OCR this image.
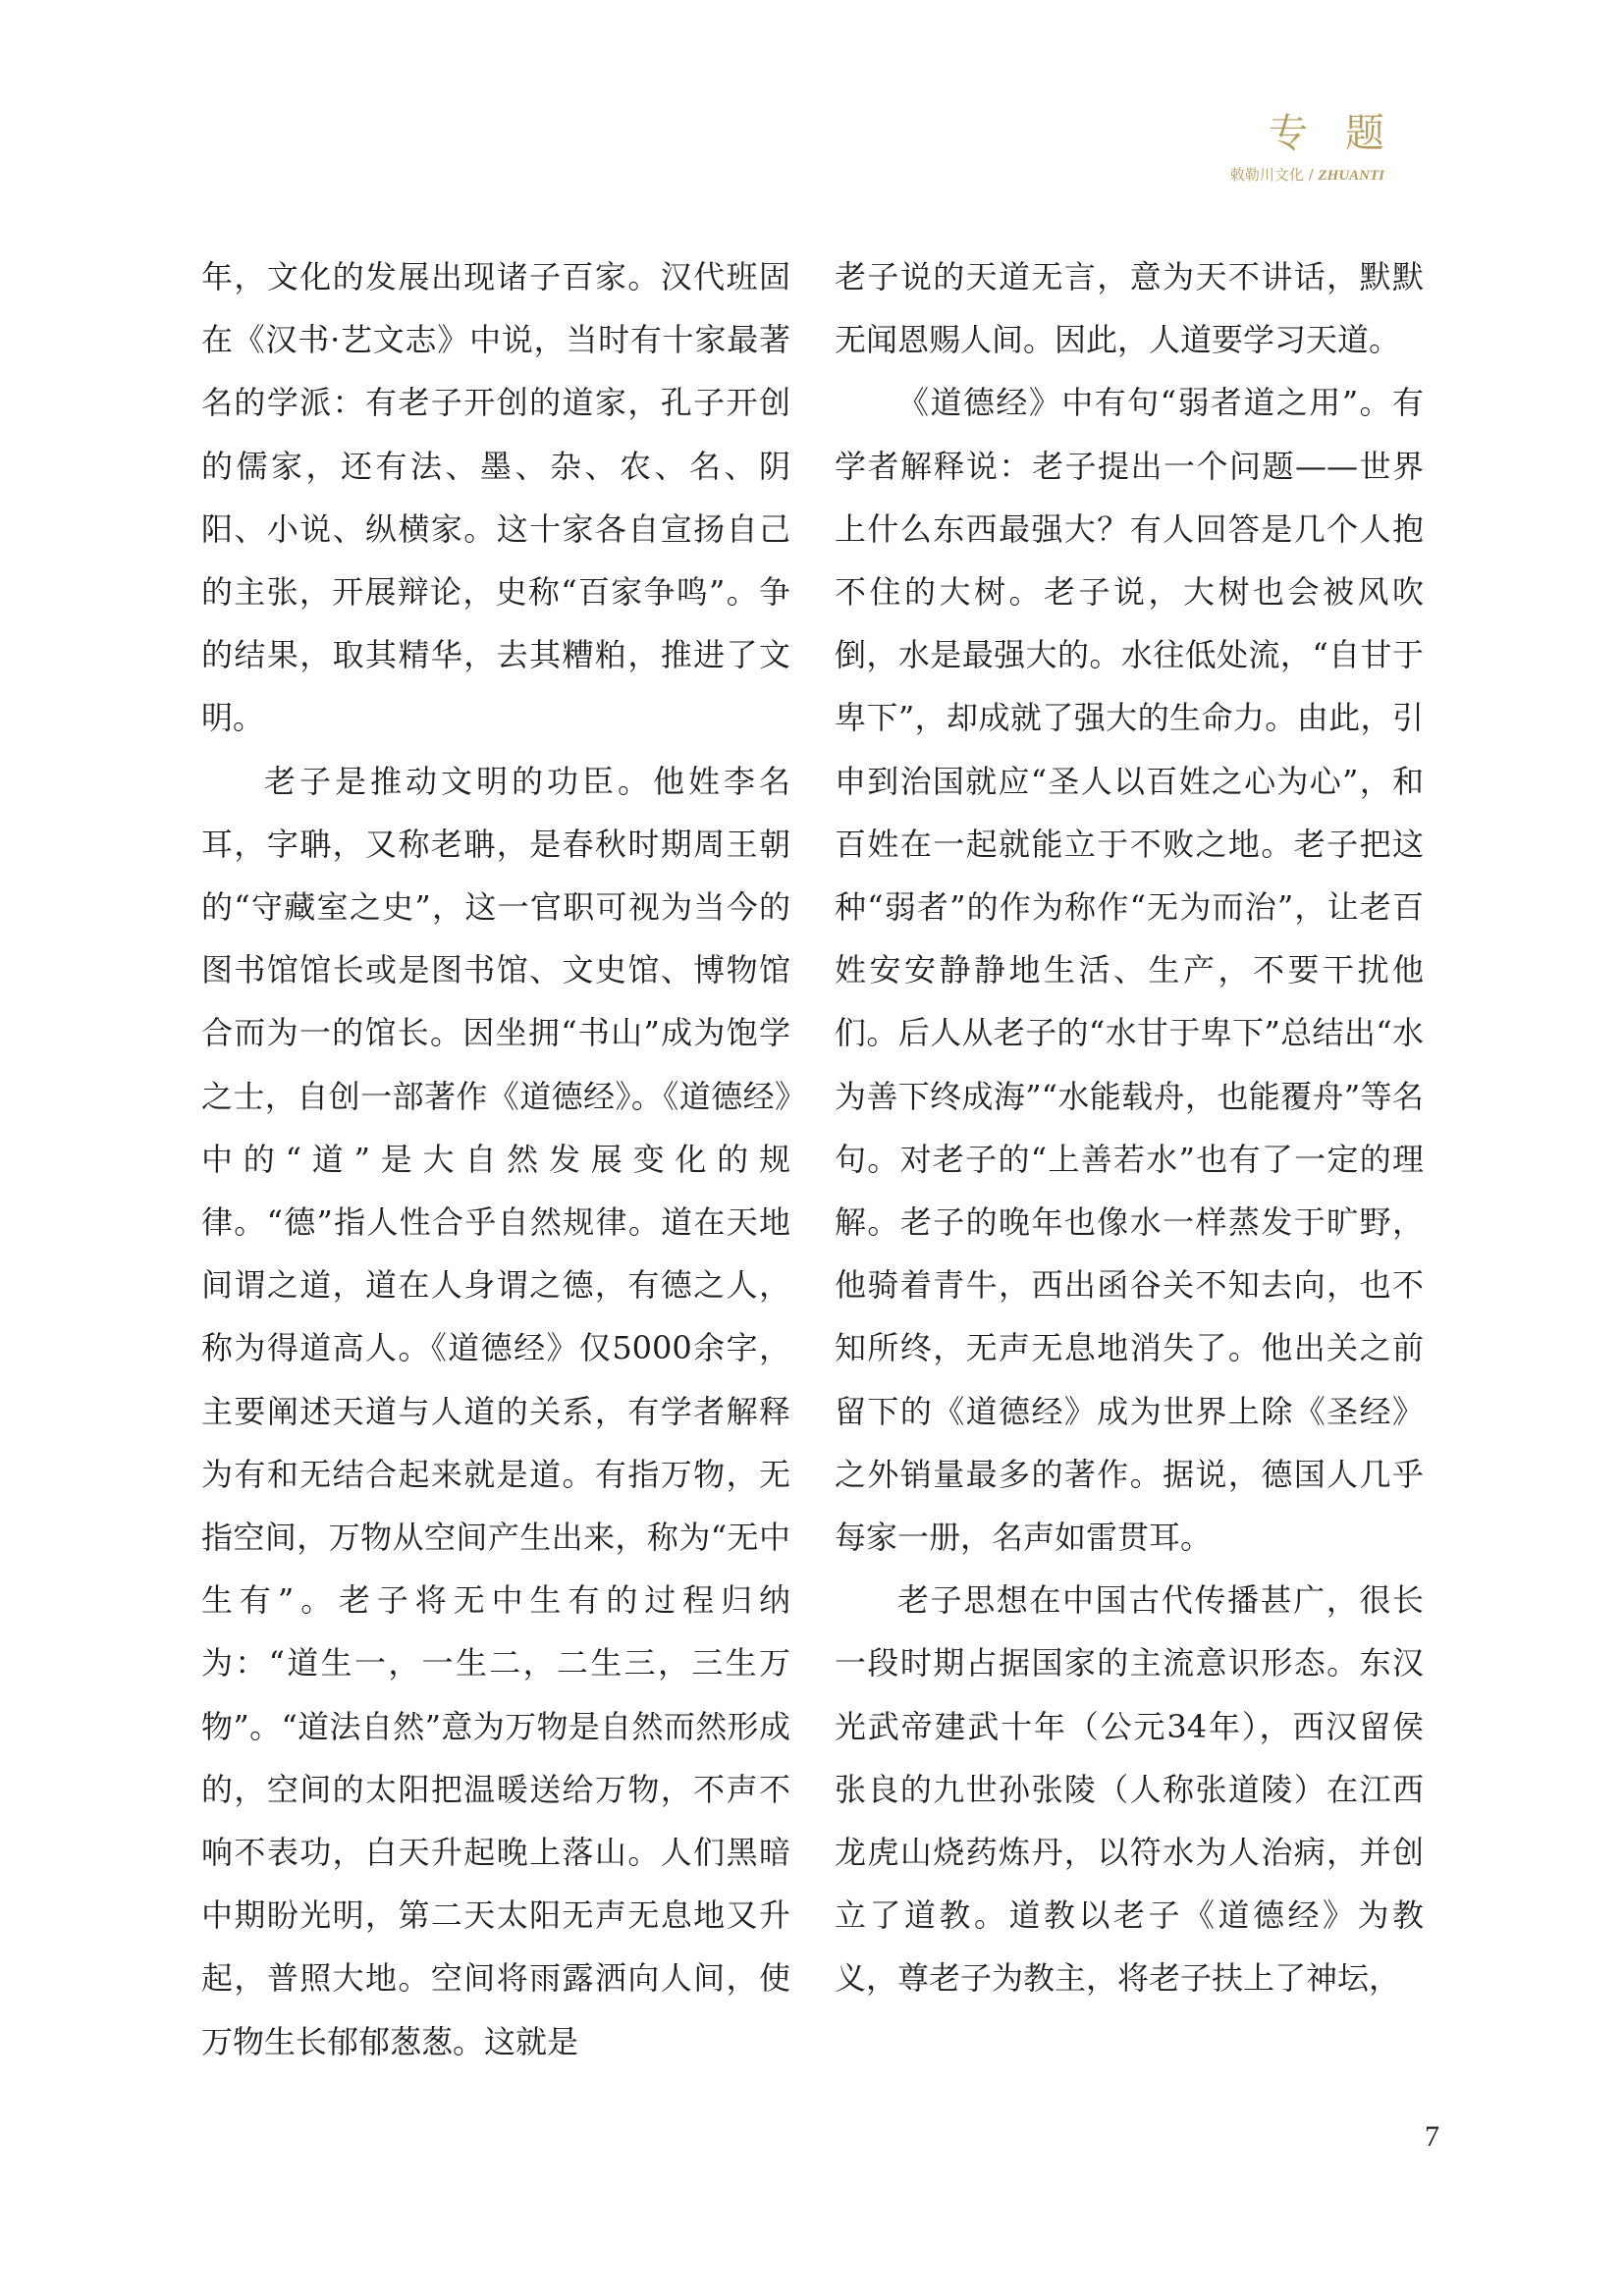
专题
敕勒川文化 / ZHUANTI

年，文化的发展出现诸子百家。汉代班固在《汉书·艺文志》中说，当时有十家最著名的学派：有老子开创的道家，孔子开创的儒家，还有法、墨、杂、农、名、阴阳、小说、纵横家。这十家各自宣扬自己的主张，开展辩论，史称“百家争鸣”。争的结果，取其精华，去其糟粕，推进了文明。

老子是推动文明的功臣。他姓李名耳，字聃，又称老聃，是春秋时期周王朝的“守藏室之史”，这一官职可视为当今的图书馆馆长或是图书馆、文史馆、博物馆合而为一的馆长。因坐拥“书山”成为饱学之士，自创一部著作《道德经》。《道德经》中的“道”是大自然发展变化的规律。“德”指人性合乎自然规律。道在天地间谓之道，道在人身谓之德，有德之人，称为得道高人。《道德经》仅5000余字，主要阐述天道与人道的关系，有学者解释为有和无结合起来就是道。有指万物，无指空间，万物从空间产生出来，称为“无中生有”。老子将无中生有的过程归纳为：“道生一，一生二，二生三，三生万物”。“道法自然”意为万物是自然而然形成的，空间的太阳把温暖送给万物，不声不响不表功，白天升起晚上落山。人们黑暗中期盼光明，第二天太阳无声无息地又升起，普照大地。空间将雨露洒向人间，使万物生长郁郁葱葱。这就是

老子说的天道无言，意为天不讲话，默默无闻恩赐人间。因此，人道要学习天道。

《道德经》中有句“弱者道之用”。有学者解释说：老子提出一个问题——世界上什么东西最强大？有人回答是几个人抱不住的大树。老子说，大树也会被风吹倒，水是最强大的。水往低处流，“自甘于卑下”，却成就了强大的生命力。由此，引申到治国就应“圣人以百姓之心为心”，和百姓在一起就能立于不败之地。老子把这种“弱者”的作为称作“无为而治”，让老百姓安安静静地生活、生产，不要干扰他们。后人从老子的“水甘于卑下”总结出“水为善下终成海”“水能载舟，也能覆舟”等名句。对老子的“上善若水”也有了一定的理解。老子的晚年也像水一样蒸发于旷野，他骑着青牛，西出函谷关不知去向，也不知所终，无声无息地消失了。他出关之前留下的《道德经》成为世界上除《圣经》之外销量最多的著作。据说，德国人几乎每家一册，名声如雷贯耳。

老子思想在中国古代传播甚广，很长一段时期占据国家的主流意识形态。东汉光武帝建武十年（公元34年），西汉留侯张良的九世孙张陵（人称张道陵）在江西龙虎山烧药炼丹，以符水为人治病，并创立了道教。道教以老子《道德经》为教义，尊老子为教主，将老子扶上了神坛，

7
